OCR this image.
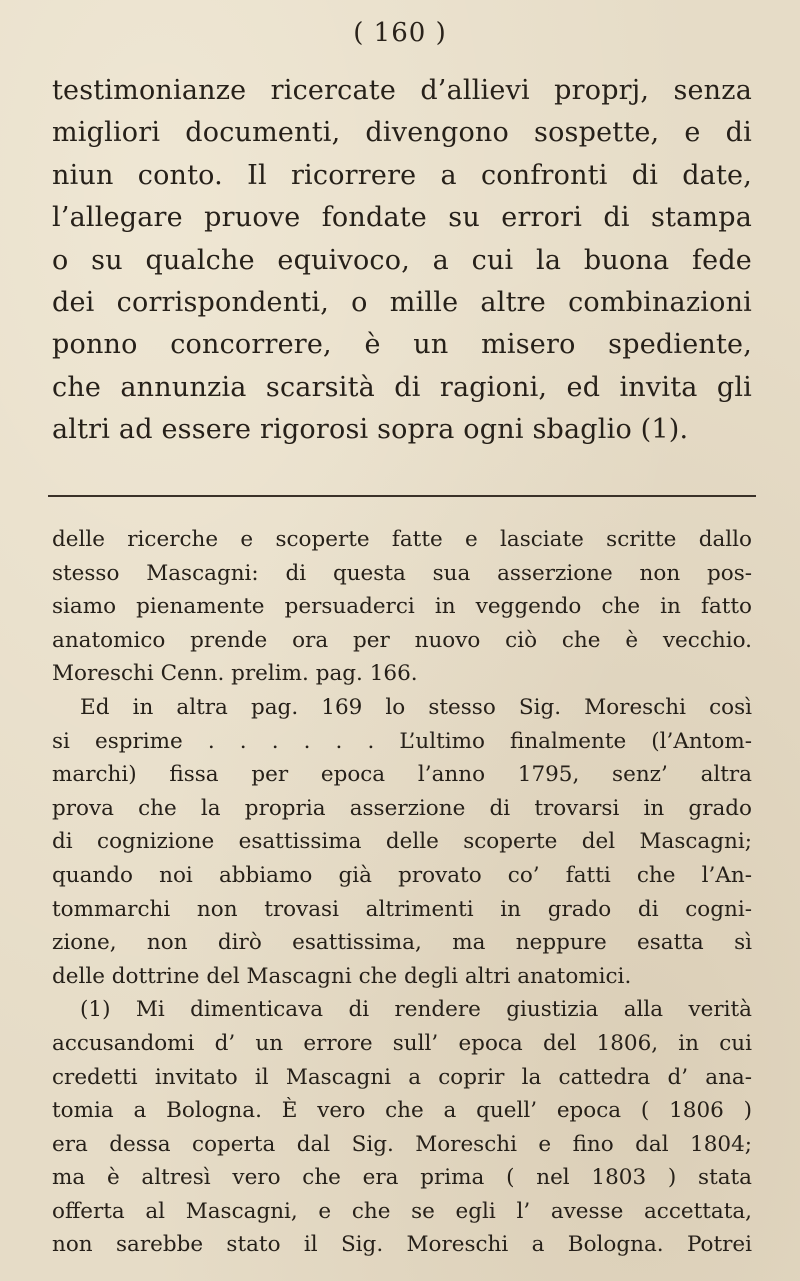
( 160 )
testimonianze ricercate d’allievi proprj, senza
migliori documenti, divengono sospette, e di
niun conto. Il ricorrere a confronti di date,
l’allegare pruove fondate su errori di stampa
o su qualche equivoco, a cui la buona fede
dei corrispondenti, o mille altre combinazioni
ponno concorrere, è un misero spediente,
che annunzia scarsità di ragioni, ed invita gli
altri ad essere rigorosi sopra ogni sbaglio (1).
delle ricerche e scoperte fatte e lasciate scritte dallo
stesso Mascagni: di questa sua asserzione non pos-
siamo pienamente persuaderci in veggendo che in fatto
anatomico prende ora per nuovo ciò che è vecchio.
Moreschi Cenn. prelim. pag. 166.
Ed in altra pag. 169 lo stesso Sig. Moreschi così
si esprime . . . . . . L’ultimo finalmente (l’Antom-
marchi) fissa per epoca l’anno 1795, senz’ altra
prova che la propria asserzione di trovarsi in grado
di cognizione esattissima delle scoperte del Mascagni;
quando noi abbiamo già provato co’ fatti che l’An-
tommarchi non trovasi altrimenti in grado di cogni-
zione, non dirò esattissima, ma neppure esatta sì
delle dottrine del Mascagni che degli altri anatomici.
(1) Mi dimenticava di rendere giustizia alla verità
accusandomi d’ un errore sull’ epoca del 1806, in cui
credetti invitato il Mascagni a coprir la cattedra d’ ana-
tomia a Bologna. È vero che a quell’ epoca ( 1806 )
era dessa coperta dal Sig. Moreschi e fino dal 1804;
ma è altresì vero che era prima ( nel 1803 ) stata
offerta al Mascagni, e che se egli l’ avesse accettata,
non sarebbe stato il Sig. Moreschi a Bologna. Potrei
